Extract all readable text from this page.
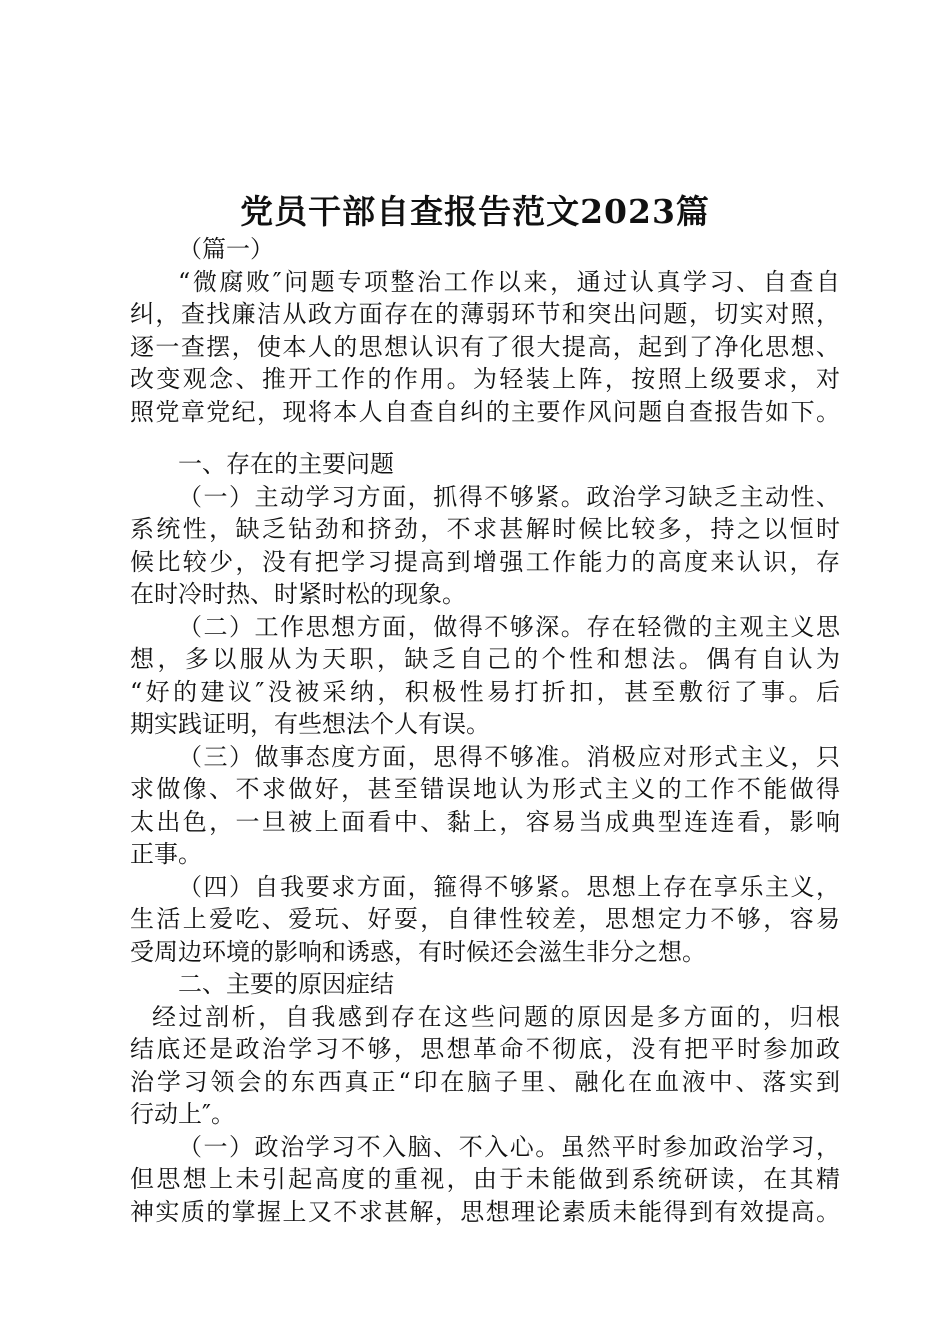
党员干部自查报告范文2023篇
（篇一）
“微腐败″问题专项整治工作以来，通过认真学习、自查自
纠，查找廉洁从政方面存在的薄弱环节和突出问题，切实对照，
逐一查摆，使本人的思想认识有了很大提高，起到了净化思想、
改变观念、推开工作的作用。为轻装上阵，按照上级要求，对
照党章党纪，现将本人自查自纠的主要作风问题自查报告如下。
一、存在的主要问题
（一）主动学习方面，抓得不够紧。政治学习缺乏主动性、
系统性，缺乏钻劲和挤劲，不求甚解时候比较多，持之以恒时
候比较少，没有把学习提高到增强工作能力的高度来认识，存
在时冷时热、时紧时松的现象。
（二）工作思想方面，做得不够深。存在轻微的主观主义思
想，多以服从为天职，缺乏自己的个性和想法。偶有自认为
“好的建议″没被采纳，积极性易打折扣，甚至敷衍了事。后
期实践证明，有些想法个人有误。
（三）做事态度方面，思得不够准。消极应对形式主义，只
求做像、不求做好，甚至错误地认为形式主义的工作不能做得
太出色，一旦被上面看中、黏上，容易当成典型连连看，影响
正事。
（四）自我要求方面，箍得不够紧。思想上存在享乐主义，
生活上爱吃、爱玩、好耍，自律性较差，思想定力不够，容易
受周边环境的影响和诱惑，有时候还会滋生非分之想。
二、主要的原因症结
经过剖析，自我感到存在这些问题的原因是多方面的，归根
结底还是政治学习不够，思想革命不彻底，没有把平时参加政
治学习领会的东西真正“印在脑子里、融化在血液中、落实到
行动上″。
（一）政治学习不入脑、不入心。虽然平时参加政治学习，
但思想上未引起高度的重视，由于未能做到系统研读，在其精
神实质的掌握上又不求甚解，思想理论素质未能得到有效提高。
